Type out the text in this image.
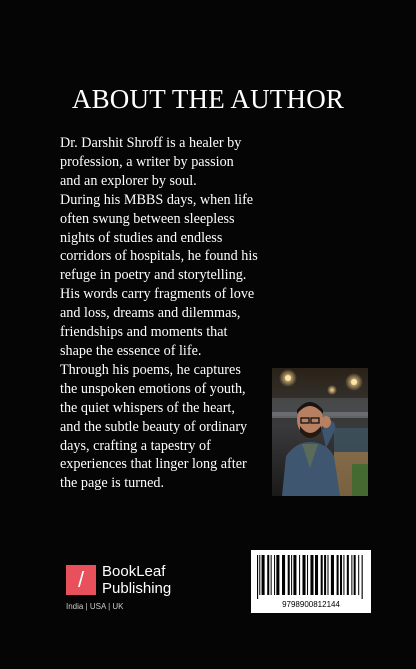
ABOUT THE AUTHOR
Dr. Darshit Shroff is a healer by
profession, a writer by passion
and an explorer by soul.
During his MBBS days, when life
often swung between sleepless
nights of studies and endless
corridors of hospitals, he found his
refuge in poetry and storytelling.
His words carry fragments of love
and loss, dreams and dilemmas,
friendships and moments that
shape the essence of life.
Through his poems, he captures
the unspoken emotions of youth,
the quiet whispers of the heart,
and the subtle beauty of ordinary
days, crafting a tapestry of
experiences that linger long after
the page is turned.
/	BookLeaf
Publishing
India | USA | UK	9798900812144
